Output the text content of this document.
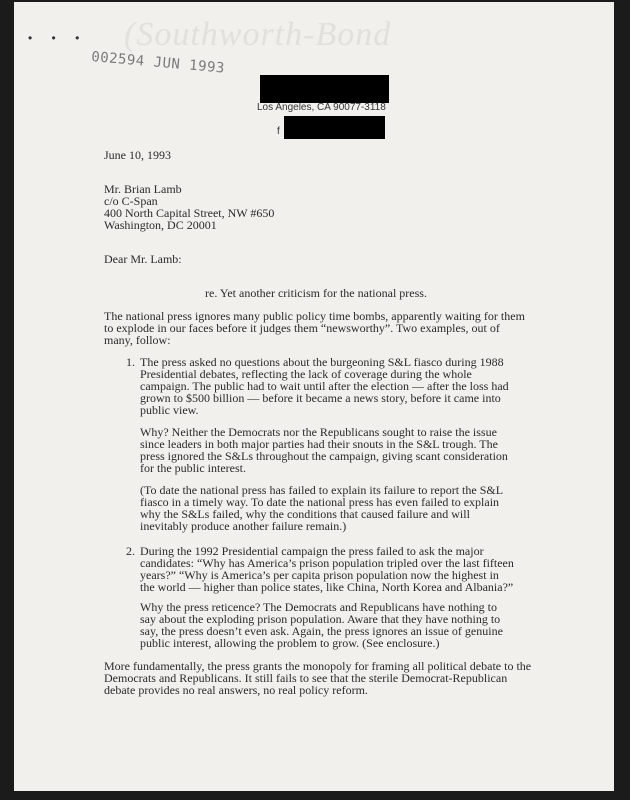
• • • (Southworth-Bond
002594 JUN 1993
Los Angeles, CA 90077-3118
f
June 10, 1993
Mr. Brian Lamb
c/o C-Span
400 North Capital Street, NW #650
Washington, DC 20001
Dear Mr. Lamb:
re. Yet another criticism for the national press.
The national press ignores many public policy time bombs, apparently waiting for them
to explode in our faces before it judges them “newsworthy”. Two examples, out of
many, follow:
1. The press asked no questions about the burgeoning S&L fiasco during 1988
Presidential debates, reflecting the lack of coverage during the whole
campaign. The public had to wait until after the election — after the loss had
grown to $500 billion — before it became a news story, before it came into
public view.
Why? Neither the Democrats nor the Republicans sought to raise the issue
since leaders in both major parties had their snouts in the S&L trough. The
press ignored the S&Ls throughout the campaign, giving scant consideration
for the public interest.
(To date the national press has failed to explain its failure to report the S&L
fiasco in a timely way. To date the national press has even failed to explain
why the S&Ls failed, why the conditions that caused failure and will
inevitably produce another failure remain.)
2. During the 1992 Presidential campaign the press failed to ask the major
candidates: “Why has America’s prison population tripled over the last fifteen
years?” “Why is America’s per capita prison population now the highest in
the world — higher than police states, like China, North Korea and Albania?”
Why the press reticence? The Democrats and Republicans have nothing to
say about the exploding prison population. Aware that they have nothing to
say, the press doesn’t even ask. Again, the press ignores an issue of genuine
public interest, allowing the problem to grow. (See enclosure.)
More fundamentally, the press grants the monopoly for framing all political debate to the
Democrats and Republicans. It still fails to see that the sterile Democrat-Republican
debate provides no real answers, no real policy reform.
